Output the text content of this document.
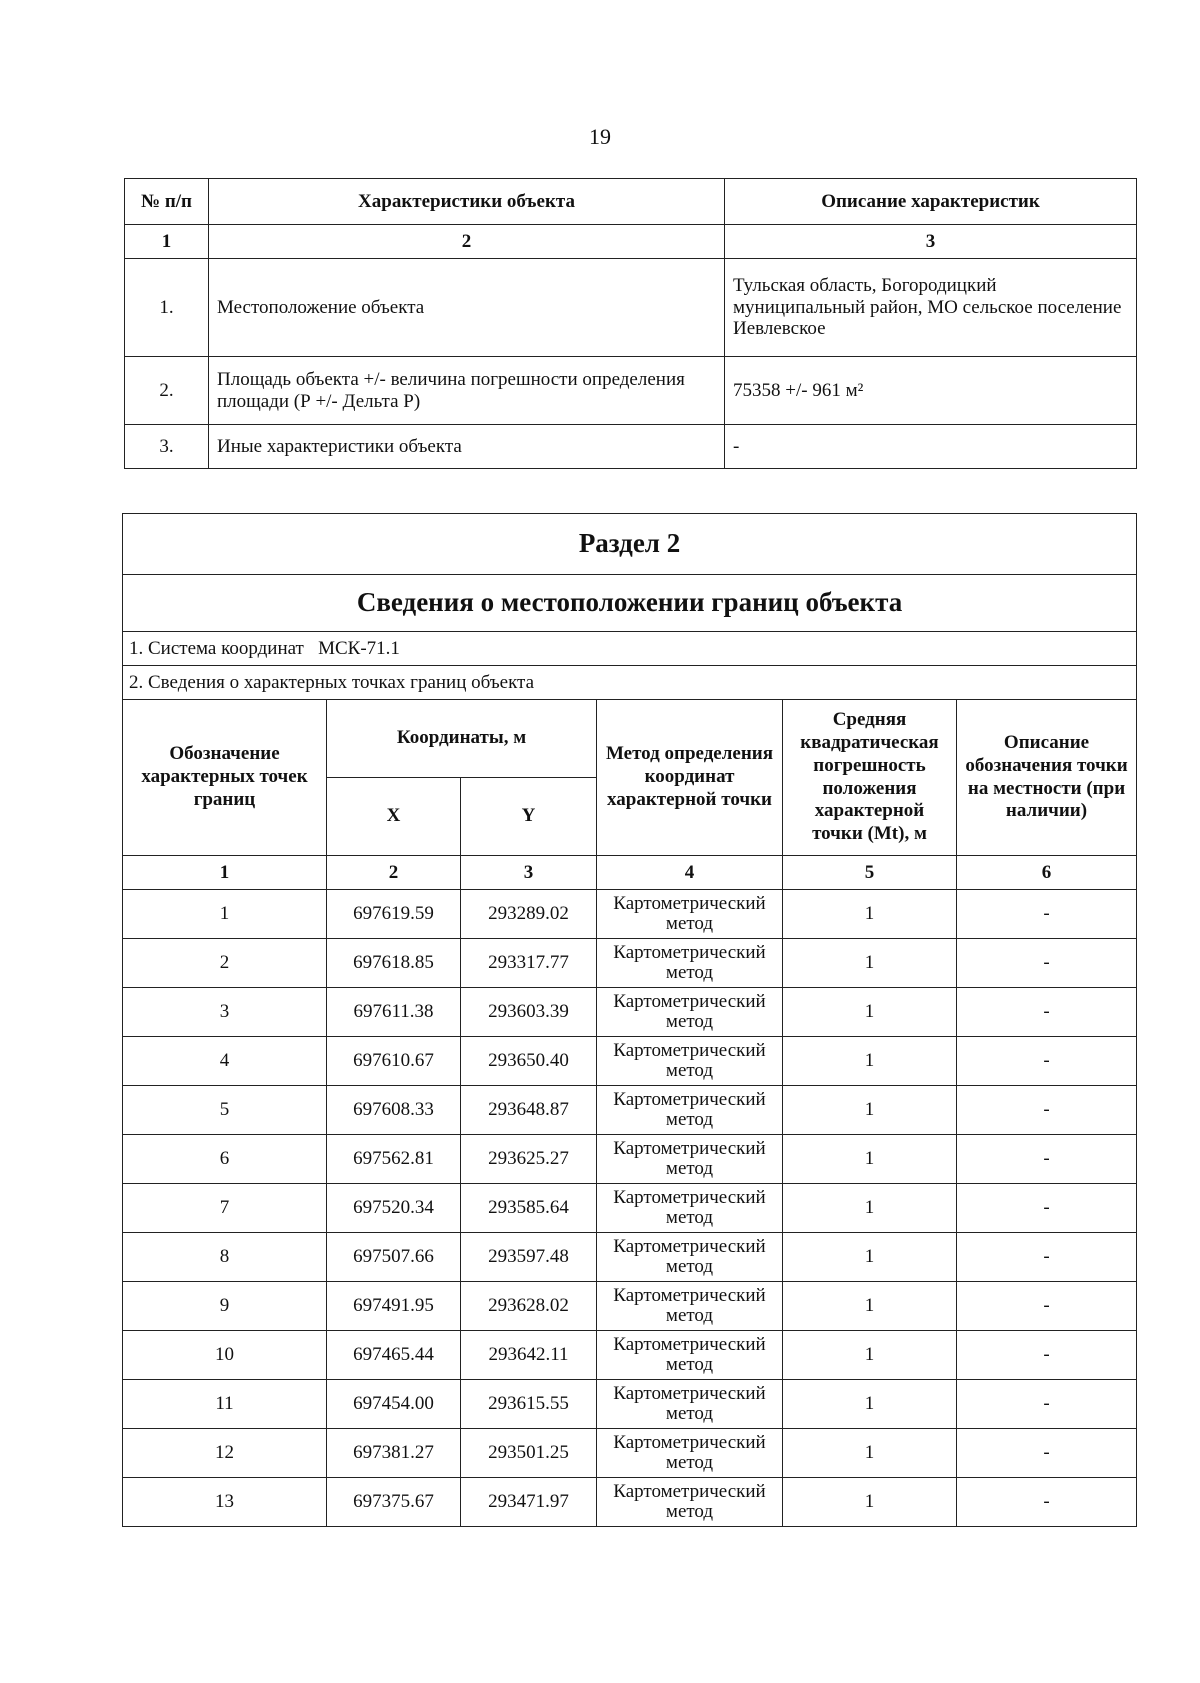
19
№ п/п	Характеристики объекта	Описание характеристик
1	2	3
1.	Местоположение объекта	Тульская область, Богородицкий муниципальный район, МО сельское поселение Иевлевское
2.	Площадь объекта +/- величина погрешности определения площади (Р +/- Дельта Р)	75358 +/- 961 м²
3.	Иные характеристики объекта	-
Раздел 2					
Сведения о местоположении границ объекта					
1. Система координат   МСК-71.1					
2. Сведения о характерных точках границ объекта					
Обозначение характерных точек границ	Координаты, м		Метод определения координат характерной точки	Средняя квадратическая погрешность положения характерной точки (Mt), м	Описание обозначения точки на местности (при наличии)
	X	Y			
1	2	3	4	5	6
1	697619.59	293289.02	Картометрический метод	1	-
2	697618.85	293317.77	Картометрический метод	1	-
3	697611.38	293603.39	Картометрический метод	1	-
4	697610.67	293650.40	Картометрический метод	1	-
5	697608.33	293648.87	Картометрический метод	1	-
6	697562.81	293625.27	Картометрический метод	1	-
7	697520.34	293585.64	Картометрический метод	1	-
8	697507.66	293597.48	Картометрический метод	1	-
9	697491.95	293628.02	Картометрический метод	1	-
10	697465.44	293642.11	Картометрический метод	1	-
11	697454.00	293615.55	Картометрический метод	1	-
12	697381.27	293501.25	Картометрический метод	1	-
13	697375.67	293471.97	Картометрический метод	1	-
